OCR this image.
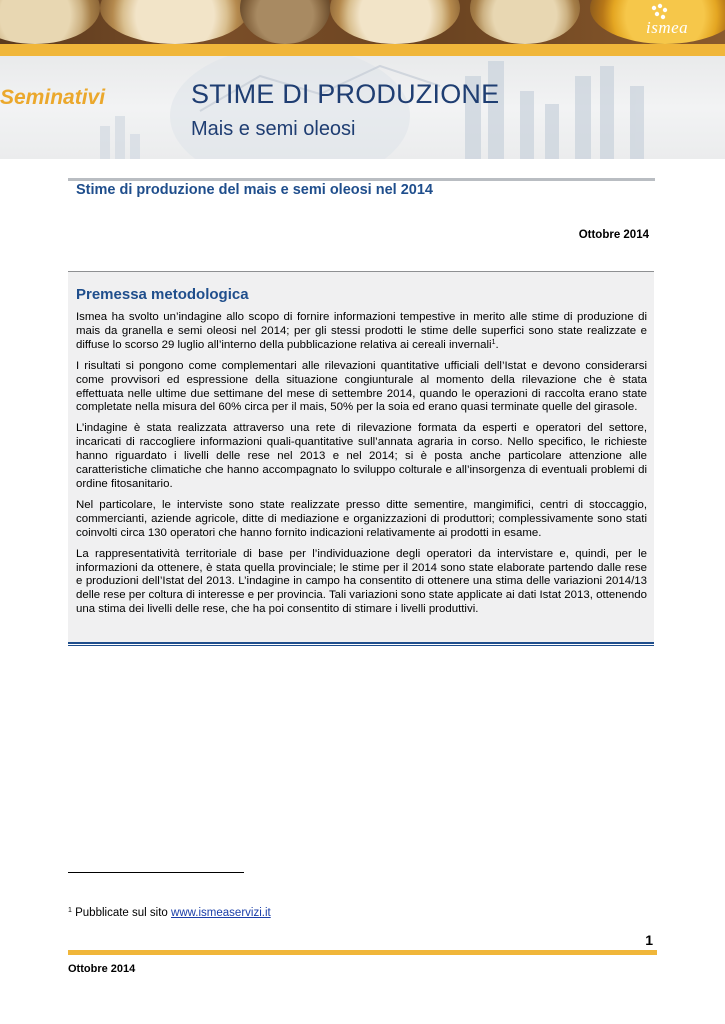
ismea
Seminativi	STIME DI PRODUZIONE
Mais e semi oleosi
Stime di produzione del mais e semi oleosi nel 2014
Ottobre 2014
Premessa metodologica

Ismea ha svolto un’indagine allo scopo di fornire informazioni tempestive in merito alle stime di produzione di mais da granella e semi oleosi nel 2014; per gli stessi prodotti le stime delle superfici sono state realizzate e diffuse lo scorso 29 luglio all’interno della pubblicazione relativa ai cereali invernali$^1$.

I risultati si pongono come complementari alle rilevazioni quantitative ufficiali dell’Istat e devono considerarsi come provvisori ed espressione della situazione congiunturale al momento della rilevazione che è stata effettuata nelle ultime due settimane del mese di settembre 2014, quando le operazioni di raccolta erano state completate nella misura del 60% circa per il mais, 50% per la soia ed erano quasi terminate quelle del girasole.

L’indagine è stata realizzata attraverso una rete di rilevazione formata da esperti e operatori del settore, incaricati di raccogliere informazioni quali-quantitative sull’annata agraria in corso. Nello specifico, le richieste hanno riguardato i livelli delle rese nel 2013 e nel 2014; si è posta anche particolare attenzione alle caratteristiche climatiche che hanno accompagnato lo sviluppo colturale e all’insorgenza di eventuali problemi di ordine fitosanitario.

Nel particolare, le interviste sono state realizzate presso ditte sementire, mangimifici, centri di stoccaggio, commercianti, aziende agricole, ditte di mediazione e organizzazioni di produttori; complessivamente sono stati coinvolti circa 130 operatori che hanno fornito indicazioni relativamente ai prodotti in esame.

La rappresentatività territoriale di base per l’individuazione degli operatori da intervistare e, quindi, per le informazioni da ottenere, è stata quella provinciale; le stime per il 2014 sono state elaborate partendo dalle rese e produzioni dell’Istat del 2013. L’indagine in campo ha consentito di ottenere una stima delle variazioni 2014/13 delle rese per coltura di interesse e per provincia. Tali variazioni sono state applicate ai dati Istat 2013, ottenendo una stima dei livelli delle rese, che ha poi consentito di stimare i livelli produttivi.

$^1$ Pubblicate sul sito www.ismeaservizi.it
1
Ottobre 2014
